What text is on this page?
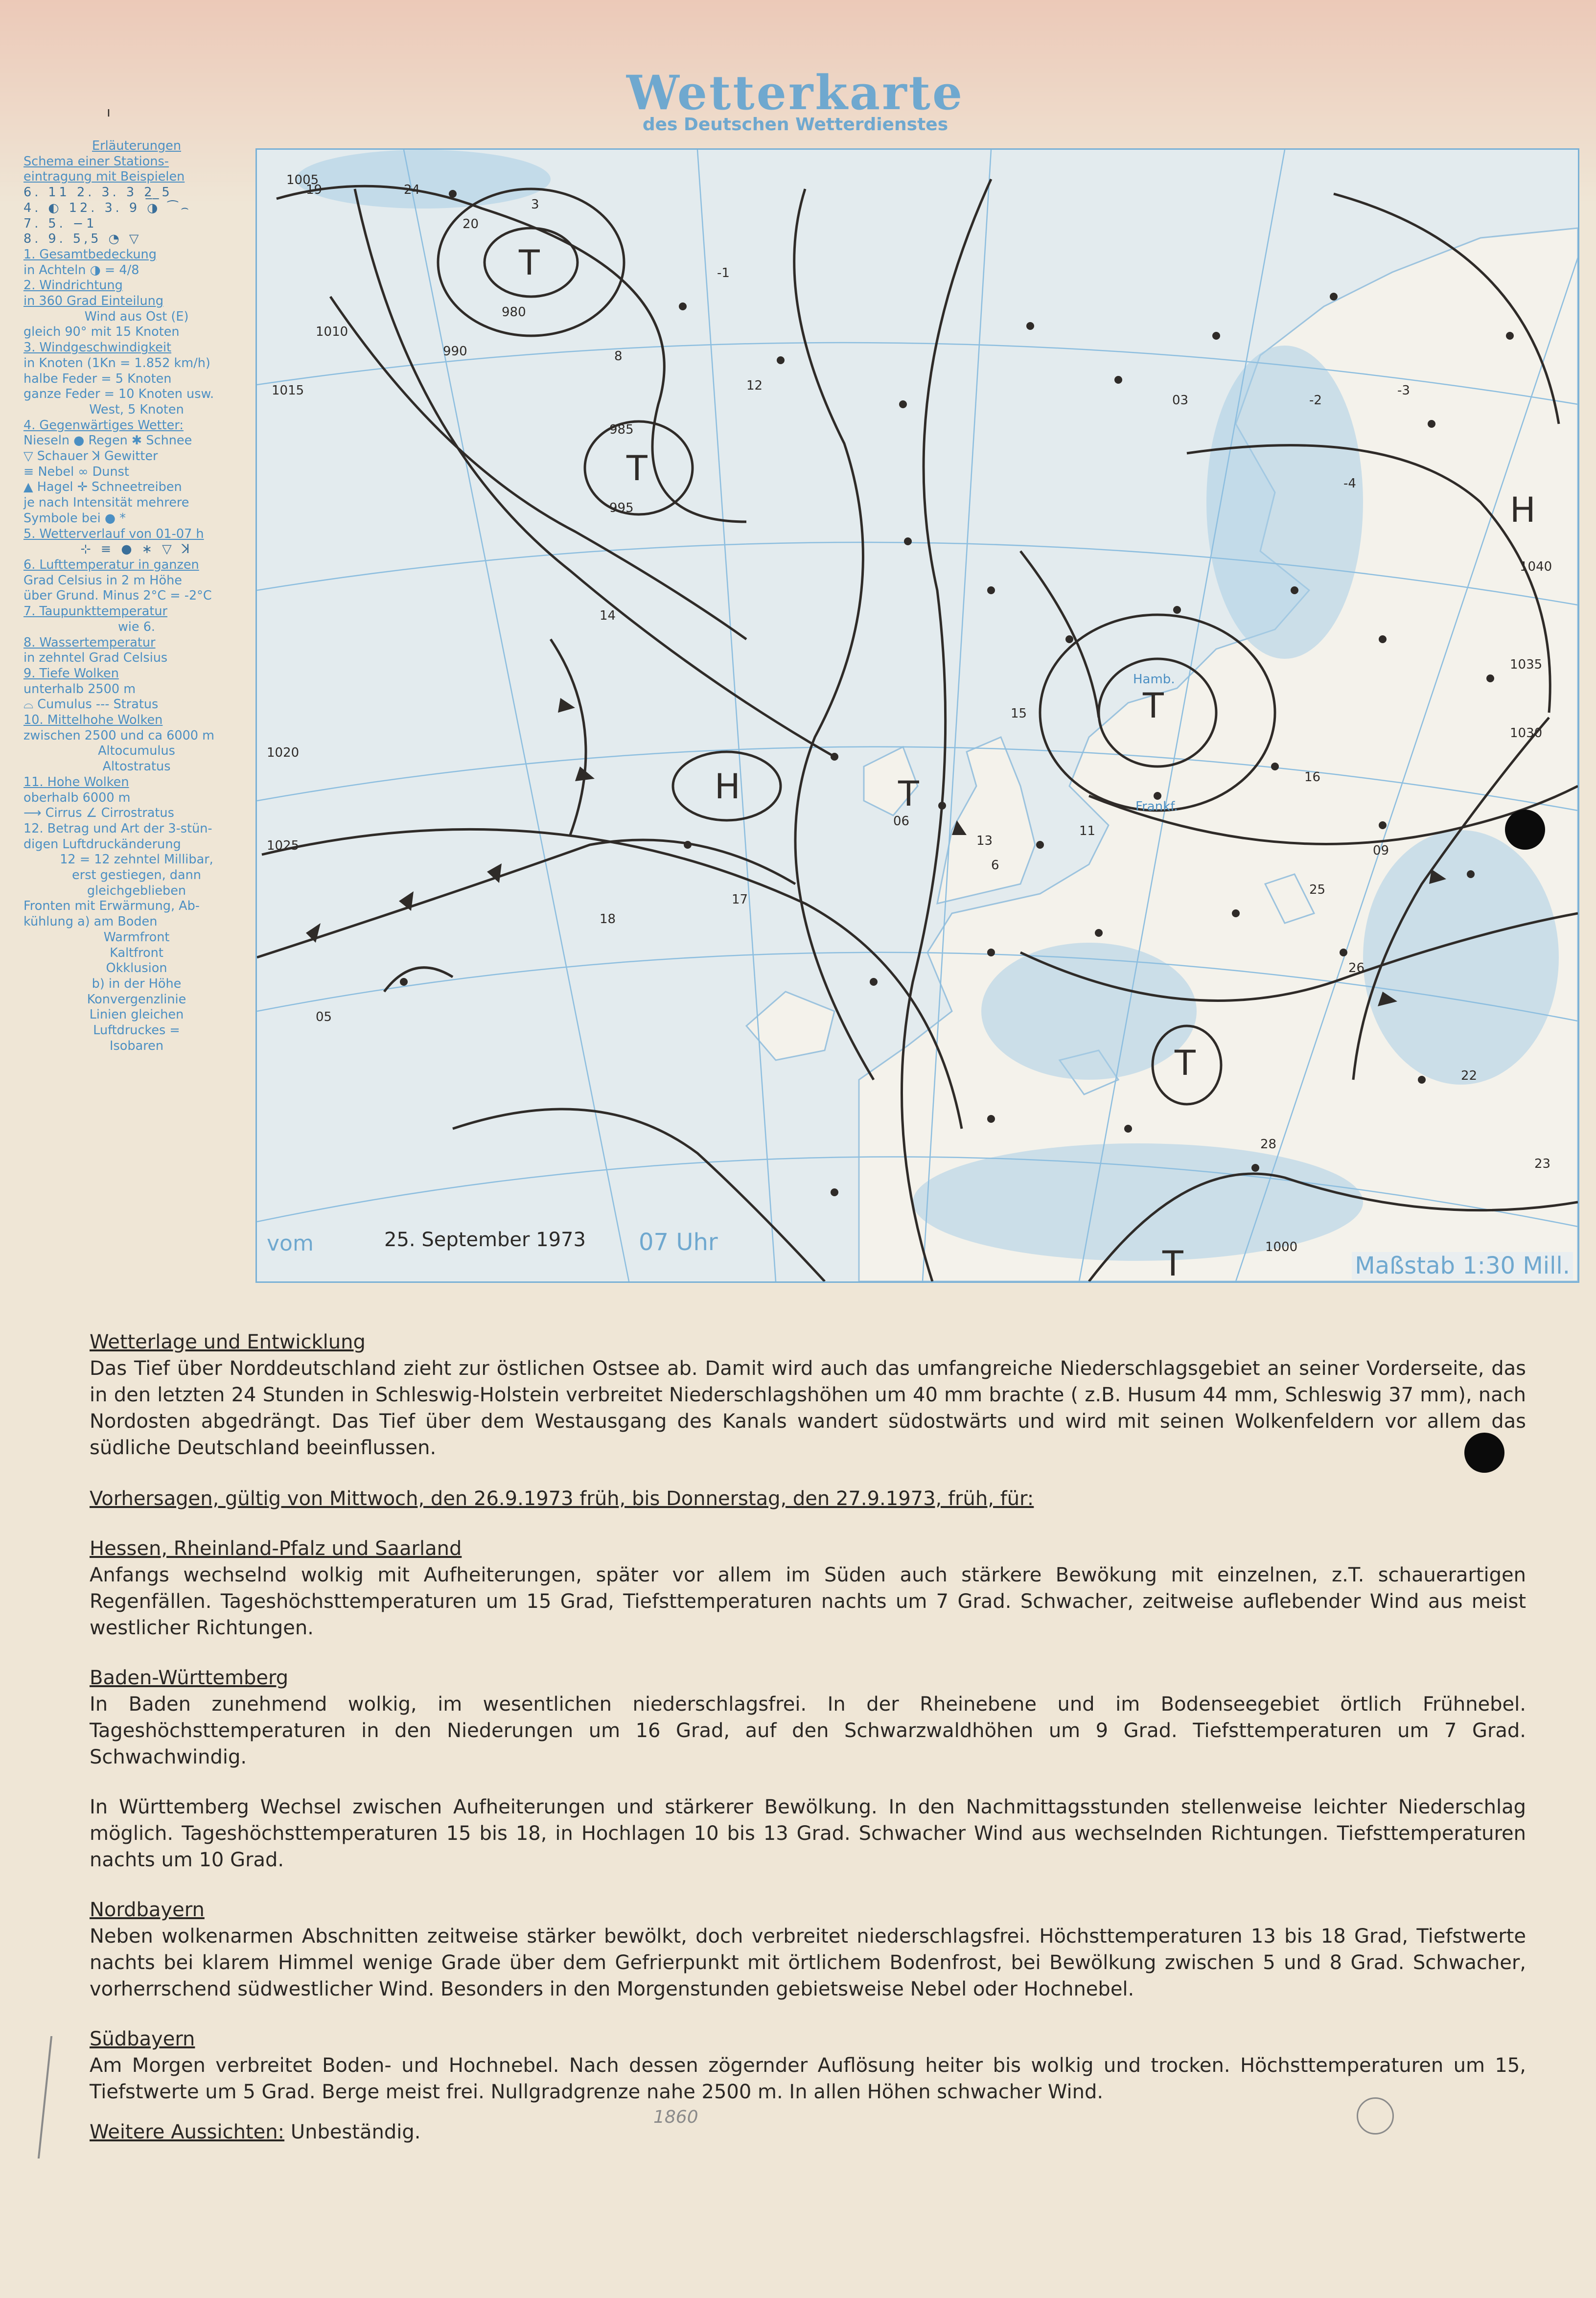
ı	Wetterkarte
des Deutschen Wetterdienstes
Erläuterungen
Schema einer Stations-
eintragung mit Beispielen
6. 11 2. 3. 3 2̲ ̲5
4. ◐ 12. 3. 9 ◑ ⁀⌢
7. 5. −1
8. 9. 5,5 ◔ ▽
1. Gesamtbedeckung
in Achteln ◑ = 4/8
2. Windrichtung
in 360 Grad Einteilung
Wind aus Ost (E)
gleich 90° mit 15 Knoten
3. Windgeschwindigkeit
in Knoten (1Kn = 1.852 km/h)
halbe Feder = 5 Knoten
ganze Feder = 10 Knoten usw.
West, 5 Knoten
4. Gegenwärtiges Wetter:
Nieseln ● Regen ✱ Schnee
▽ Schauer ꓘ Gewitter
≡ Nebel ∞ Dunst
▲ Hagel ✛ Schneetreiben
je nach Intensität mehrere
Symbole bei ● *
5. Wetterverlauf von 01-07 h
⊹ ≡ ● ∗ ▽ ꓘ
6. Lufttemperatur in ganzen
Grad Celsius in 2 m Höhe
über Grund. Minus 2°C = -2°C
7. Taupunkttemperatur
wie 6.
8. Wassertemperatur
in zehntel Grad Celsius
9. Tiefe Wolken
unterhalb 2500 m
⌓ Cumulus --- Stratus
10. Mittelhohe Wolken
zwischen 2500 und ca 6000 m
Altocumulus
Altostratus
11. Hohe Wolken
oberhalb 6000 m
⟶ Cirrus ∠ Cirrostratus
12. Betrag und Art der 3-stün-
digen Luftdruckänderung
12 = 12 zehntel Millibar,
erst gestiegen, dann
gleichgeblieben
Fronten mit Erwärmung, Ab-
kühlung a) am Boden
Warmfront
Kaltfront
Okklusion
b) in der Höhe
Konvergenzlinie
Linien gleichen
Luftdruckes =
Isobaren
T
T
H	T
T
T
H
T
1005
1010
1015
1020
1025
1030
1035
1040
980
985
990
995
1000
24
20
19
12
8
6
3
-1
-2
-3
-4
03
05
06
09
11
13
14
15
16
17
18
22
23
25
26
28
Hamb.
Frankf.
vom	25. September 1973 07 Uhr
Maßstab 1:30 Mill.
Wetterlage und Entwicklung

Das Tief über Norddeutschland zieht zur östlichen Ostsee ab. Damit wird auch das umfangreiche Niederschlagsgebiet an seiner Vorderseite, das in den letzten 24 Stunden in Schleswig-Holstein verbreitet Niederschlagshöhen um 40 mm brachte ( z.B. Husum 44 mm, Schleswig 37 mm), nach Nordosten abgedrängt. Das Tief über dem Westausgang des Kanals wandert südostwärts und wird mit seinen Wolkenfeldern vor allem das südliche Deutschland beeinflussen.

Vorhersagen, gültig von Mittwoch, den 26.9.1973 früh, bis Donnerstag, den 27.9.1973, früh, für:
Hessen, Rheinland-Pfalz und Saarland

Anfangs wechselnd wolkig mit Aufheiterungen, später vor allem im Süden auch stärkere Bewökung mit einzelnen, z.T. schauerartigen Regenfällen. Tageshöchsttemperaturen um 15 Grad, Tiefsttemperaturen nachts um 7 Grad. Schwacher, zeitweise auflebender Wind aus meist westlicher Richtungen.

Baden-Württemberg

In Baden zunehmend wolkig, im wesentlichen niederschlagsfrei. In der Rheinebene und im Bodenseegebiet örtlich Frühnebel. Tageshöchsttemperaturen in den Niederungen um 16 Grad, auf den Schwarzwaldhöhen um 9 Grad. Tiefsttemperaturen um 7 Grad. Schwachwindig.

In Württemberg Wechsel zwischen Aufheiterungen und stärkerer Bewölkung. In den Nachmittagsstunden stellenweise leichter Niederschlag möglich. Tageshöchsttemperaturen 15 bis 18, in Hochlagen 10 bis 13 Grad. Schwacher Wind aus wechselnden Richtungen. Tiefsttemperaturen nachts um 10 Grad.

Nordbayern

Neben wolkenarmen Abschnitten zeitweise stärker bewölkt, doch verbreitet niederschlagsfrei. Höchsttemperaturen 13 bis 18 Grad, Tiefstwerte nachts bei klarem Himmel wenige Grade über dem Gefrierpunkt mit örtlichem Bodenfrost, bei Bewölkung zwischen 5 und 8 Grad. Schwacher, vorherrschend südwestlicher Wind. Besonders in den Morgenstunden gebietsweise Nebel oder Hochnebel.

Südbayern

Am Morgen verbreitet Boden- und Hochnebel. Nach dessen zögernder Auflösung heiter bis wolkig und trocken. Höchsttemperaturen um 15, Tiefstwerte um 5 Grad. Berge meist frei. Nullgradgrenze nahe 2500 m. In allen Höhen schwacher Wind.

Weitere Aussichten: Unbeständig.

1860
